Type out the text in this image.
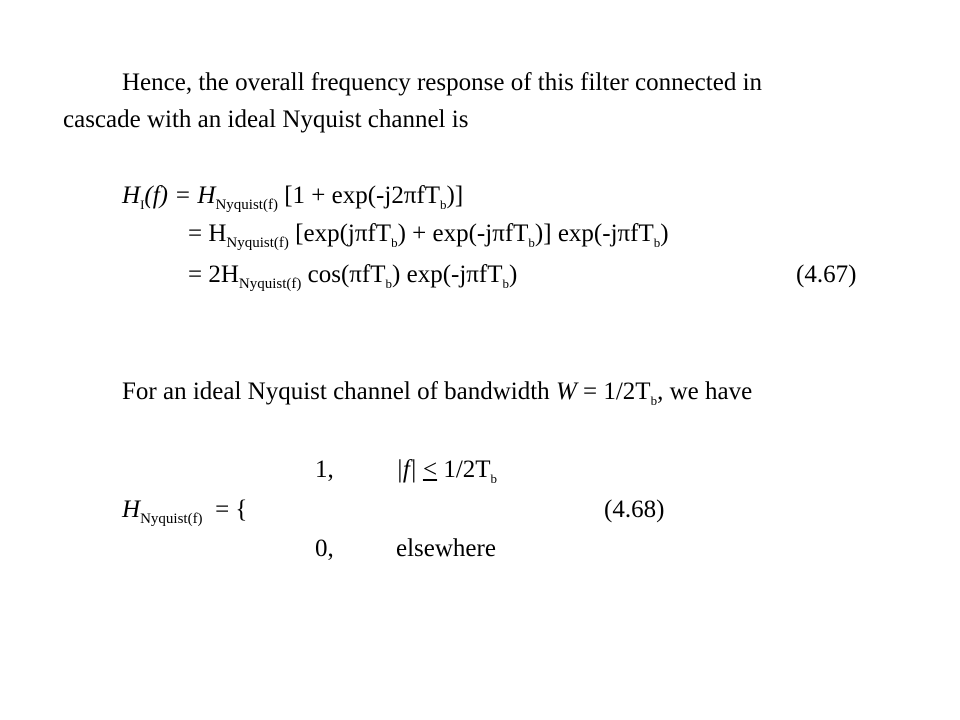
Hence, the overall frequency response of this filter connected in
cascade with an ideal Nyquist channel is
$H_I(f) = H_{Nyquist(f)}$ [1 + exp(-j2πfT$_b$)]
= $H_{Nyquist(f)}$ [exp(jπfT$_b$) + exp(-jπfT$_b$)] exp(-jπfT$_b$)
= $2H_{Nyquist(f)}$ cos(πfT$_b$) exp(-jπfT$_b$)	(4.67)
For an ideal Nyquist channel of bandwidth $W = 1/2T_b$, we have
1, $|f| \le 1/2T_b$
$H_{Nyquist(f)}$  = {	(4.68)
0, elsewhere
